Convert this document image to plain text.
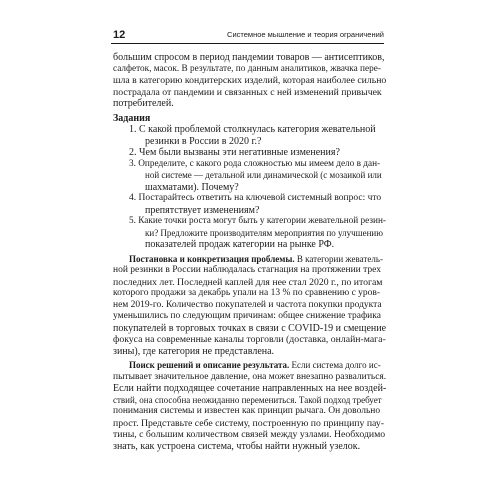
12	Системное мышление и теория ограничений
большим спросом в период пандемии товаров — антисептиков,
салфеток, масок. В результате, по данным аналитиков, жвачка пере-
шла в категорию кондитерских изделий, которая наиболее сильно
пострадала от пандемии и связанных с ней изменений привычек
потребителей.
Задания
1. С какой проблемой столкнулась категория жевательной
резинки в России в 2020 г.?
2. Чем были вызваны эти негативные изменения?
3. Определите, с какого рода сложностью мы имеем дело в дан-
ной системе — детальной или динамической (с мозаикой или
шахматами). Почему?
4. Постарайтесь ответить на ключевой системный вопрос: что
препятствует изменениям?
5. Какие точки роста могут быть у категории жевательной резин-
ки? Предложите производителям мероприятия по улучшению
показателей продаж категории на рынке РФ.
Постановка и конкретизация проблемы. В категории жеватель-
ной резинки в России наблюдалась стагнация на протяжении трех
последних лет. Последней каплей для нее стал 2020 г., по итогам
которого продажи за декабрь упали на 13 % по сравнению с уров-
нем 2019-го. Количество покупателей и частота покупки продукта
уменьшились по следующим причинам: общее снижение трафика
покупателей в торговых точках в связи с COVID-19 и смещение
фокуса на современные каналы торговли (доставка, онлайн-мага-
зины), где категория не представлена.
Поиск решений и описание результата. Если система долго ис-
пытывает значительное давление, она может внезапно развалиться.
Если найти подходящее сочетание направленных на нее воздей-
ствий, она способна неожиданно перемениться. Такой подход требует
понимания системы и известен как принцип рычага. Он довольно
прост. Представьте себе систему, построенную по принципу пау-
тины, с большим количеством связей между узлами. Необходимо
знать, как устроена система, чтобы найти нужный узелок.
